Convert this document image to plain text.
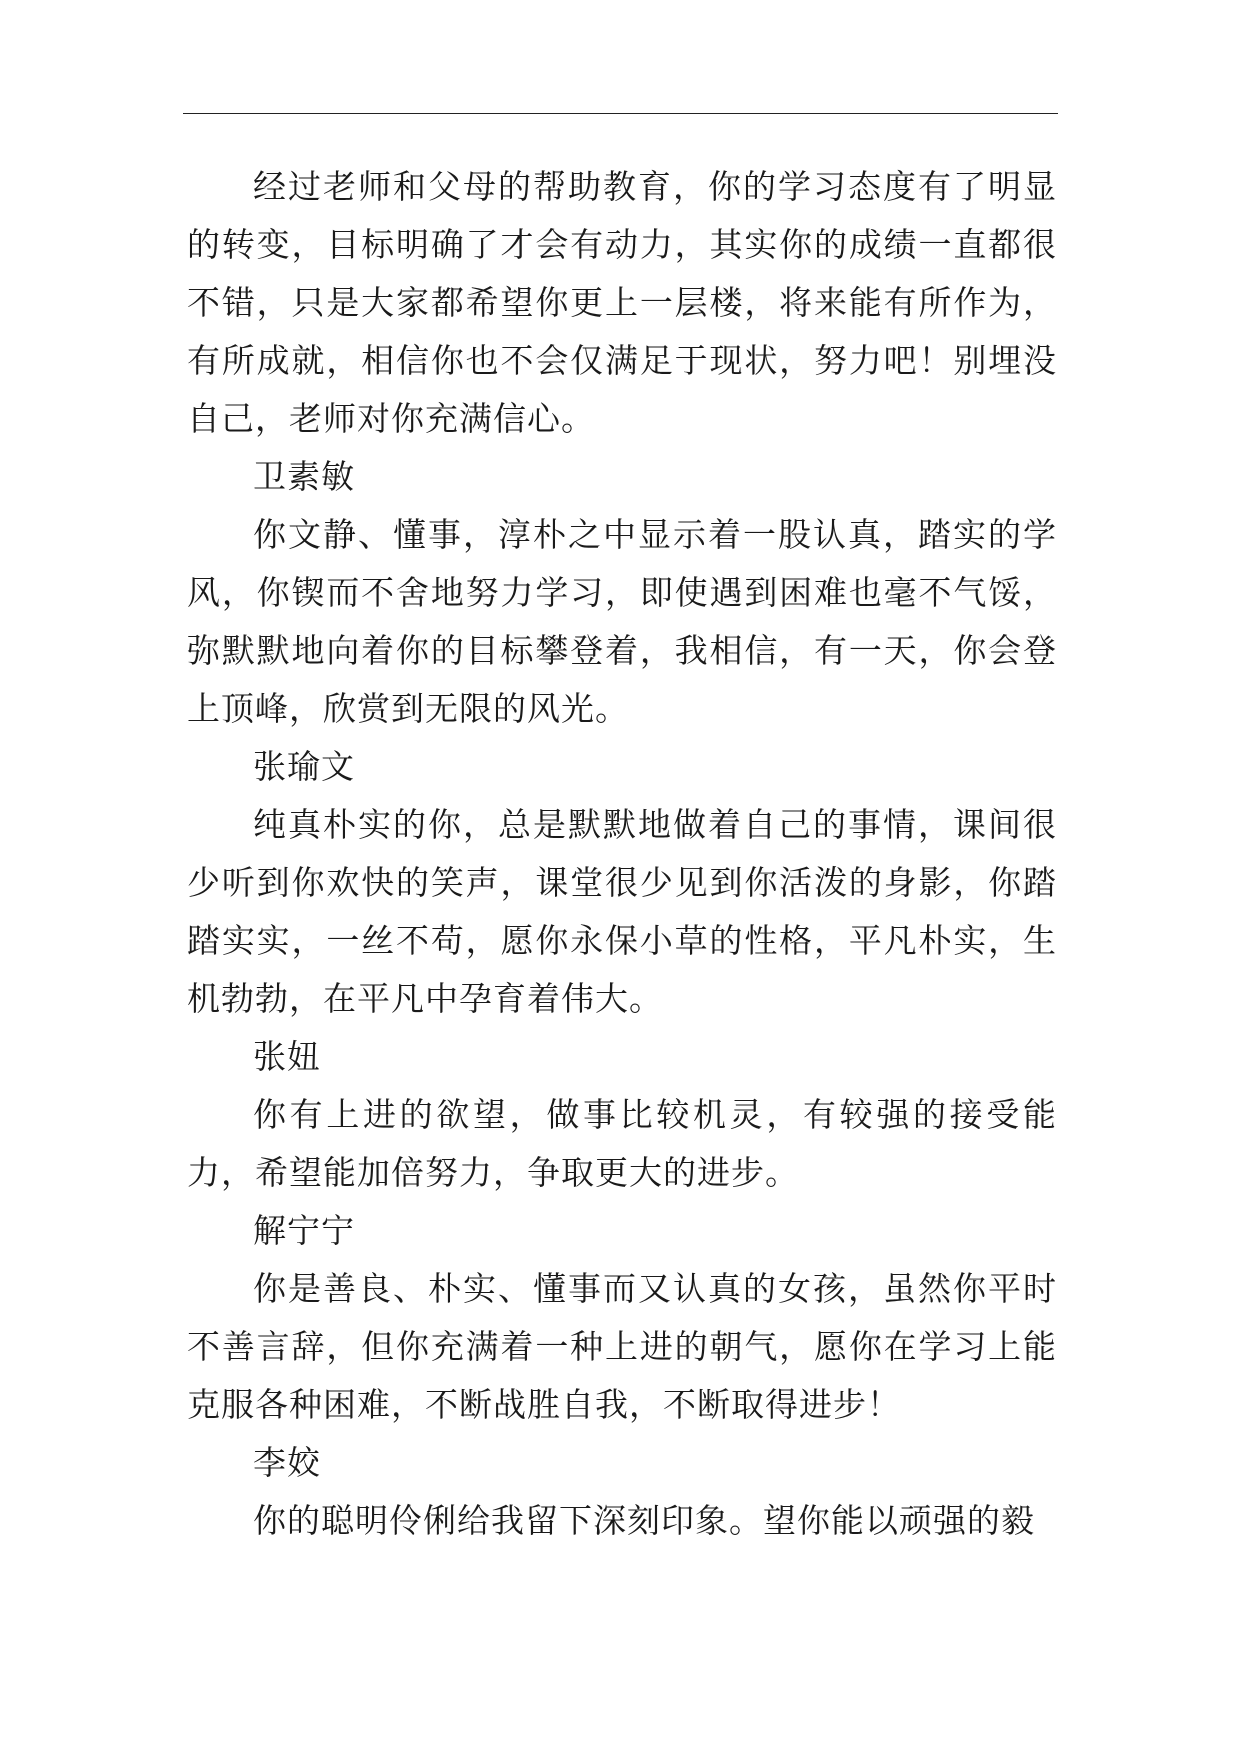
经过老师和父母的帮助教育，你的学习态度有了明显的转变，目标明确了才会有动力，其实你的成绩一直都很不错，只是大家都希望你更上一层楼，将来能有所作为，有所成就，相信你也不会仅满足于现状，努力吧！别埋没自己，老师对你充满信心。

卫素敏

你文静、懂事，淳朴之中显示着一股认真，踏实的学风，你锲而不舍地努力学习，即使遇到困难也毫不气馁，弥默默地向着你的目标攀登着，我相信，有一天，你会登上顶峰，欣赏到无限的风光。

张瑜文

纯真朴实的你，总是默默地做着自己的事情，课间很少听到你欢快的笑声，课堂很少见到你活泼的身影，你踏踏实实，一丝不苟，愿你永保小草的性格，平凡朴实，生机勃勃，在平凡中孕育着伟大。

张妞

你有上进的欲望，做事比较机灵，有较强的接受能力，希望能加倍努力，争取更大的进步。

解宁宁

你是善良、朴实、懂事而又认真的女孩，虽然你平时不善言辞，但你充满着一种上进的朝气，愿你在学习上能克服各种困难，不断战胜自我，不断取得进步！

李姣

你的聪明伶俐给我留下深刻印象。望你能以顽强的毅
